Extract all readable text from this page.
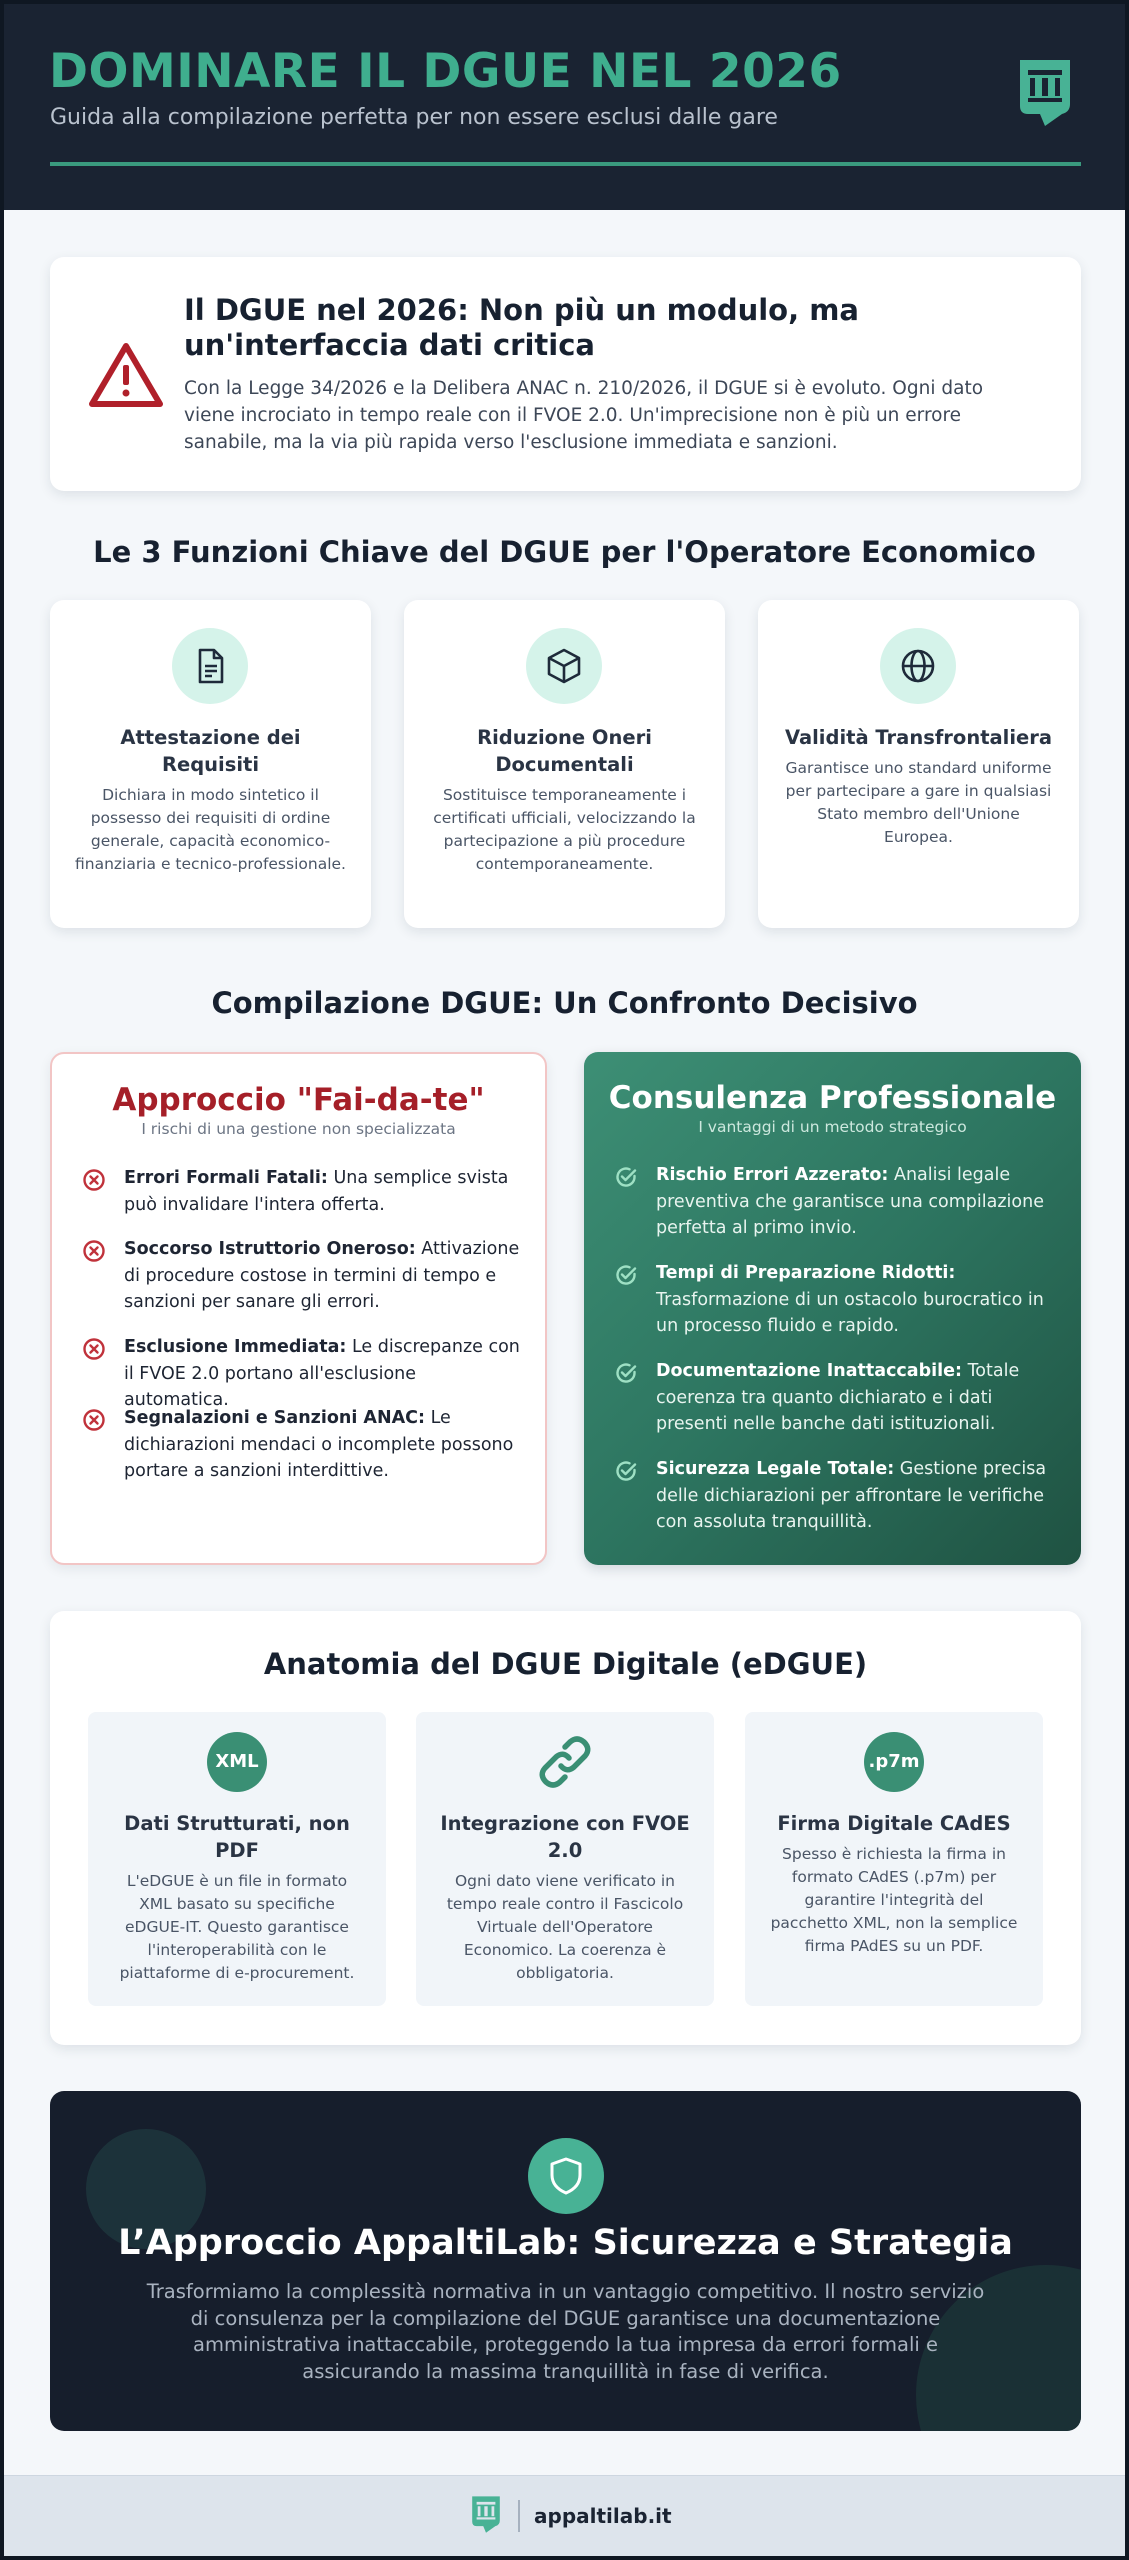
DOMINARE IL DGUE NEL 2026
Guida alla compilazione perfetta per non essere esclusi dalle gare
Il DGUE nel 2026: Non più un modulo, ma un'interfaccia dati critica
Con la Legge 34/2026 e la Delibera ANAC n. 210/2026, il DGUE si è evoluto. Ogni dato viene incrociato in tempo reale con il FVOE 2.0. Un'imprecisione non è più un errore sanabile, ma la via più rapida verso l'esclusione immediata e sanzioni.
Le 3 Funzioni Chiave del DGUE per l'Operatore Economico
Attestazione dei Requisiti
Dichiara in modo sintetico il possesso dei requisiti di ordine generale, capacità economico-finanziaria e tecnico-professionale.
Riduzione Oneri Documentali
Sostituisce temporaneamente i certificati ufficiali, velocizzando la partecipazione a più procedure contemporaneamente.
Validità Transfrontaliera
Garantisce uno standard uniforme per partecipare a gare in qualsiasi Stato membro dell'Unione Europea.
Compilazione DGUE: Un Confronto Decisivo
Approccio "Fai-da-te"
I rischi di una gestione non specializzata
Errori Formali Fatali: Una semplice svista può invalidare l'intera offerta.
Soccorso Istruttorio Oneroso: Attivazione di procedure costose in termini di tempo e sanzioni per sanare gli errori.
Esclusione Immediata: Le discrepanze con il FVOE 2.0 portano all'esclusione automatica.
Segnalazioni e Sanzioni ANAC: Le dichiarazioni mendaci o incomplete possono portare a sanzioni interdittive.
Consulenza Professionale
I vantaggi di un metodo strategico
Rischio Errori Azzerato: Analisi legale preventiva che garantisce una compilazione perfetta al primo invio.
Tempi di Preparazione Ridotti: Trasformazione di un ostacolo burocratico in un processo fluido e rapido.
Documentazione Inattaccabile: Totale coerenza tra quanto dichiarato e i dati presenti nelle banche dati istituzionali.
Sicurezza Legale Totale: Gestione precisa delle dichiarazioni per affrontare le verifiche con assoluta tranquillità.
Anatomia del DGUE Digitale (eDGUE)
XML
Dati Strutturati, non PDF
L'eDGUE è un file in formato XML basato su specifiche eDGUE-IT. Questo garantisce l'interoperabilità con le piattaforme di e-procurement.
Integrazione con FVOE 2.0
Ogni dato viene verificato in tempo reale contro il Fascicolo Virtuale dell'Operatore Economico. La coerenza è obbligatoria.
.p7m
Firma Digitale CAdES
Spesso è richiesta la firma in formato CAdES (.p7m) per garantire l'integrità del pacchetto XML, non la semplice firma PAdES su un PDF.
L’Approccio AppaltiLab: Sicurezza e Strategia
Trasformiamo la complessità normativa in un vantaggio competitivo. Il nostro servizio di consulenza per la compilazione del DGUE garantisce una documentazione amministrativa inattaccabile, proteggendo la tua impresa da errori formali e assicurando la massima tranquillità in fase di verifica.
appaltilab.it
